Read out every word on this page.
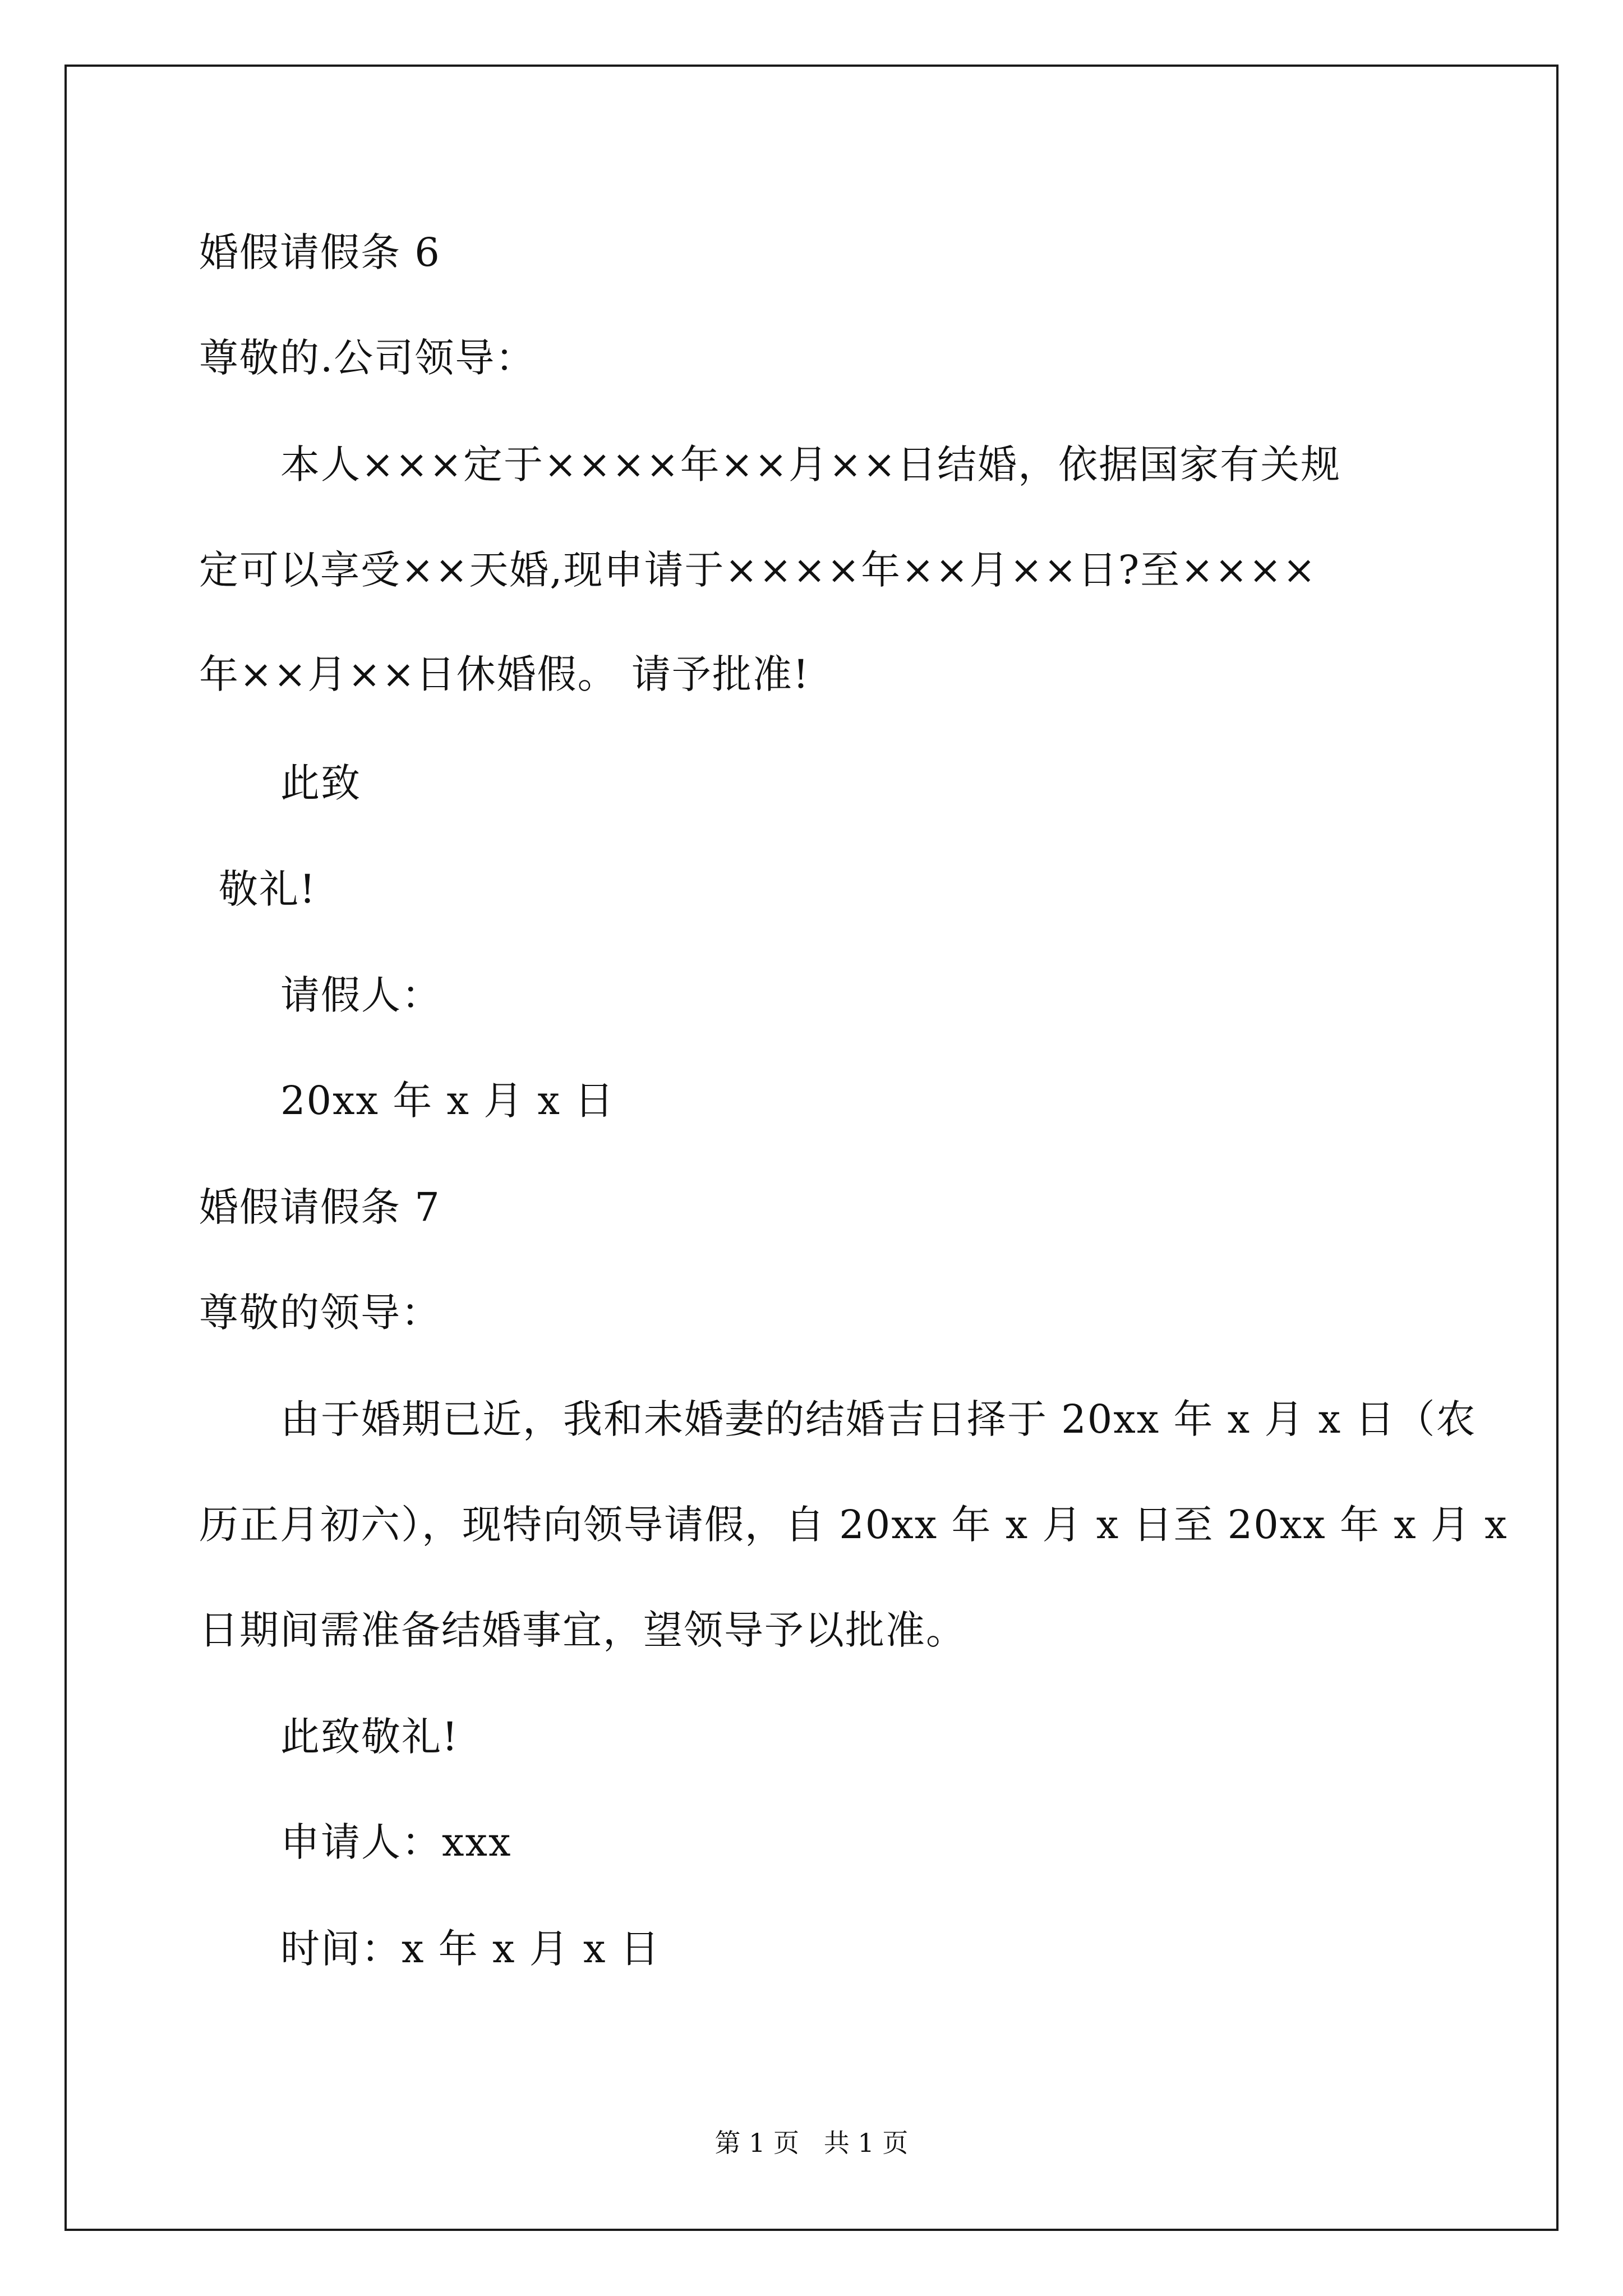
婚假请假条 6
尊敬的.公司领导：
本人×××定于××××年××月××日结婚，依据国家有关规
定可以享受××天婚,现申请于××××年××月××日?至××××
年××月××日休婚假。 请予批准!
此致
敬礼!
请假人：
20xx 年 x 月 x 日
婚假请假条 7
尊敬的领导：
由于婚期已近，我和未婚妻的结婚吉日择于 20xx 年 x 月 x 日（农
历正月初六），现特向领导请假，自 20xx 年 x 月 x 日至 20xx 年 x 月 x
日期间需准备结婚事宜，望领导予以批准。
此致敬礼!
申请人：xxx
时间：x 年 x 月 x 日
第 1 页   共 1 页
